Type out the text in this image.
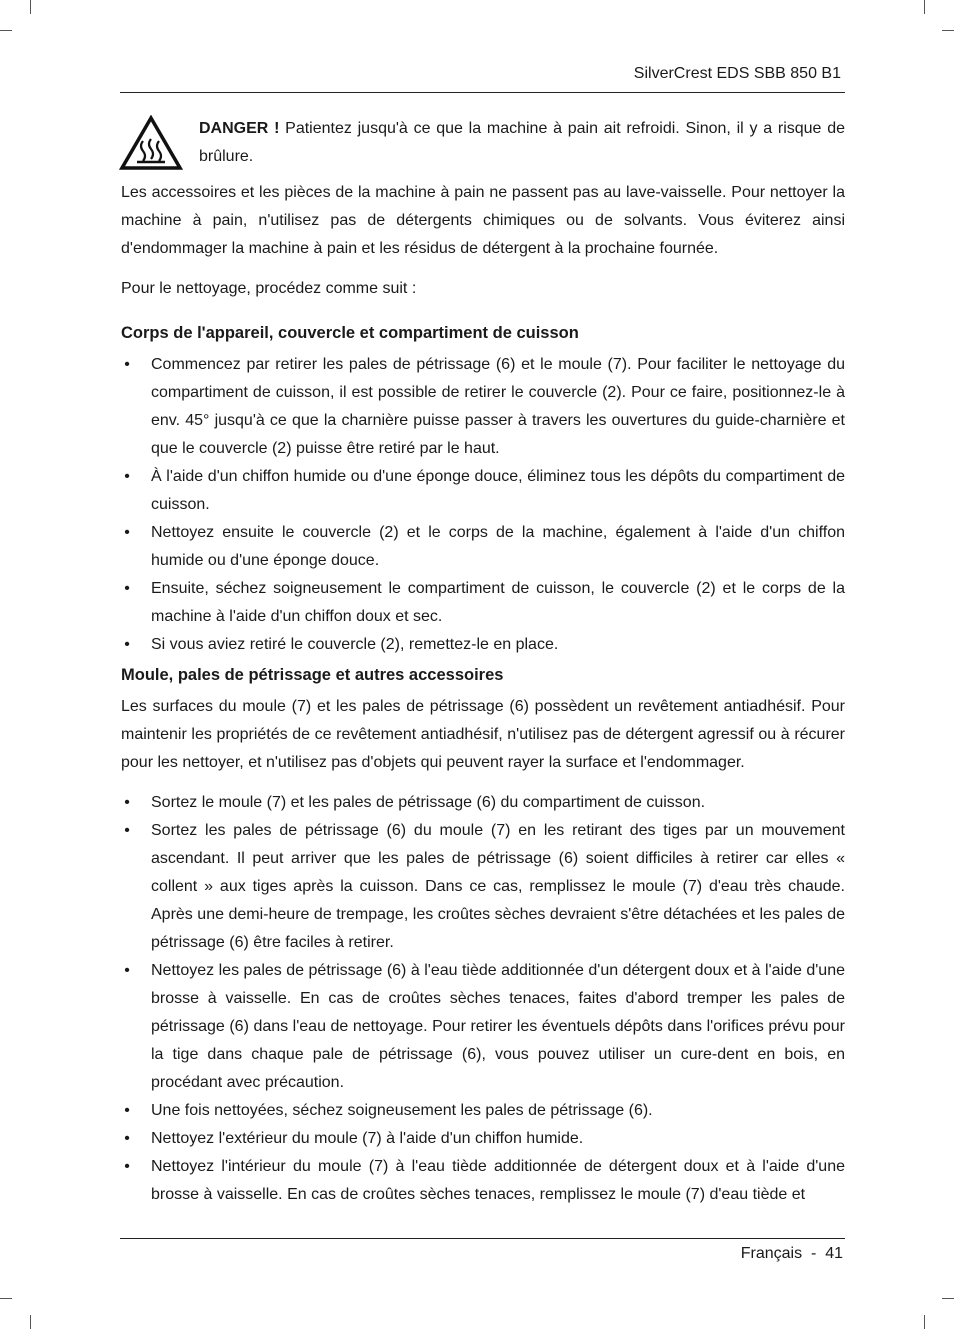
SilverCrest EDS SBB 850 B1
DANGER ! Patientez jusqu'à ce que la machine à pain ait refroidi. Sinon, il y a risque de brûlure.

Les accessoires et les pièces de la machine à pain ne passent pas au lave-vaisselle. Pour nettoyer la machine à pain, n'utilisez pas de détergents chimiques ou de solvants. Vous éviterez ainsi d'endommager la machine à pain et les résidus de détergent à la prochaine fournée.

Pour le nettoyage, procédez comme suit :

Corps de l'appareil, couvercle et compartiment de cuisson
• Commencez par retirer les pales de pétrissage (6) et le moule (7). Pour faciliter le nettoyage du compartiment de cuisson, il est possible de retirer le couvercle (2). Pour ce faire, positionnez-le à env. 45° jusqu'à ce que la charnière puisse passer à travers les ouvertures du guide-charnière et que le couvercle (2) puisse être retiré par le haut.
• À l'aide d'un chiffon humide ou d'une éponge douce, éliminez tous les dépôts du compartiment de cuisson.
• Nettoyez ensuite le couvercle (2) et le corps de la machine, également à l'aide d'un chiffon humide ou d'une éponge douce.
• Ensuite, séchez soigneusement le compartiment de cuisson, le couvercle (2) et le corps de la machine à l'aide d'un chiffon doux et sec.
• Si vous aviez retiré le couvercle (2), remettez-le en place.
Moule, pales de pétrissage et autres accessoires

Les surfaces du moule (7) et les pales de pétrissage (6) possèdent un revêtement antiadhésif. Pour maintenir les propriétés de ce revêtement antiadhésif, n'utilisez pas de détergent agressif ou à récurer pour les nettoyer, et n'utilisez pas d'objets qui peuvent rayer la surface et l'endommager.

• Sortez le moule (7) et les pales de pétrissage (6) du compartiment de cuisson.
• Sortez les pales de pétrissage (6) du moule (7) en les retirant des tiges par un mouvement ascendant. Il peut arriver que les pales de pétrissage (6) soient difficiles à retirer car elles « collent » aux tiges après la cuisson. Dans ce cas, remplissez le moule (7) d'eau très chaude. Après une demi-heure de trempage, les croûtes sèches devraient s'être détachées et les pales de pétrissage (6) être faciles à retirer.
• Nettoyez les pales de pétrissage (6) à l'eau tiède additionnée d'un détergent doux et à l'aide d'une brosse à vaisselle. En cas de croûtes sèches tenaces, faites d'abord tremper les pales de pétrissage (6) dans l'eau de nettoyage. Pour retirer les éventuels dépôts dans l'orifices prévu pour la tige dans chaque pale de pétrissage (6), vous pouvez utiliser un cure-dent en bois, en procédant avec précaution.
• Une fois nettoyées, séchez soigneusement les pales de pétrissage (6).
• Nettoyez l'extérieur du moule (7) à l'aide d'un chiffon humide.
• Nettoyez l'intérieur du moule (7) à l'eau tiède additionnée de détergent doux et à l'aide d'une brosse à vaisselle. En cas de croûtes sèches tenaces, remplissez le moule (7) d'eau tiède et
Français - 41
